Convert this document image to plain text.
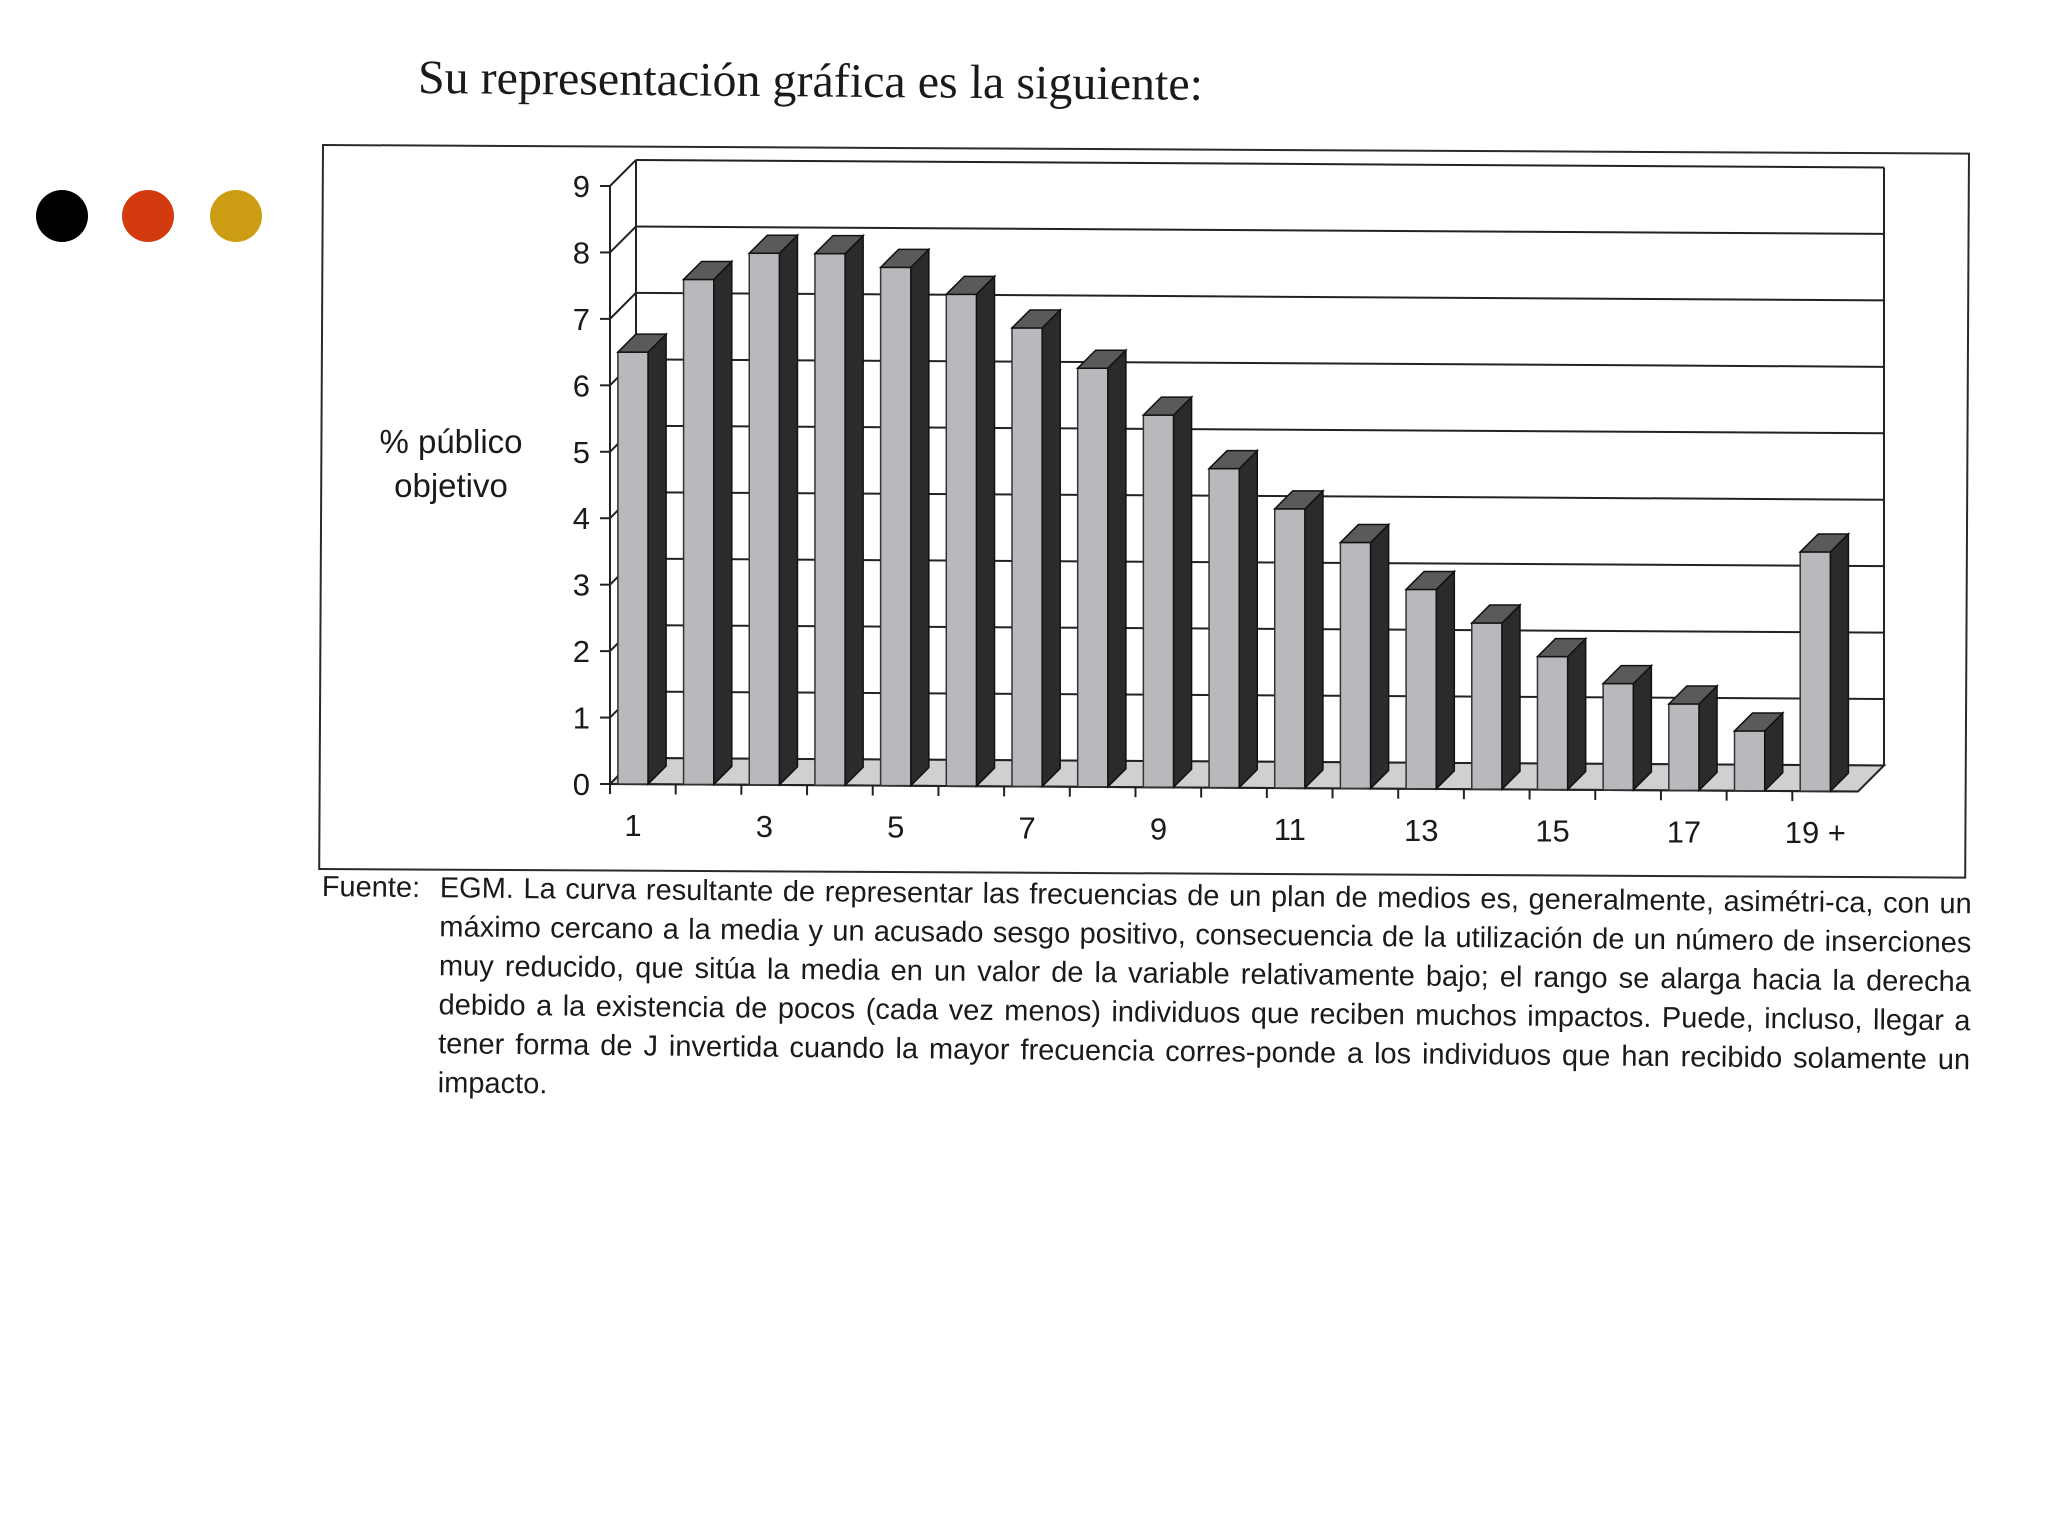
Su representación gráfica es la siguiente:
0
1
2
3
4
5
6
7
8
9
1	3	5	7	9	11	13	15	17	19 +
% público
objetivo
Fuente: EGM. La curva resultante de representar las frecuencias de un plan de medios es, generalmente, asimétri-ca, con un máximo cercano a la media y un acusado sesgo positivo, consecuencia de la utilización de un número de inserciones muy reducido, que sitúa la media en un valor de la variable relativamente bajo; el rango se alarga hacia la derecha debido a la existencia de pocos (cada vez menos) individuos que reciben muchos impactos. Puede, incluso, llegar a tener forma de J invertida cuando la mayor frecuencia corres-ponde a los individuos que han recibido solamente un impacto.
